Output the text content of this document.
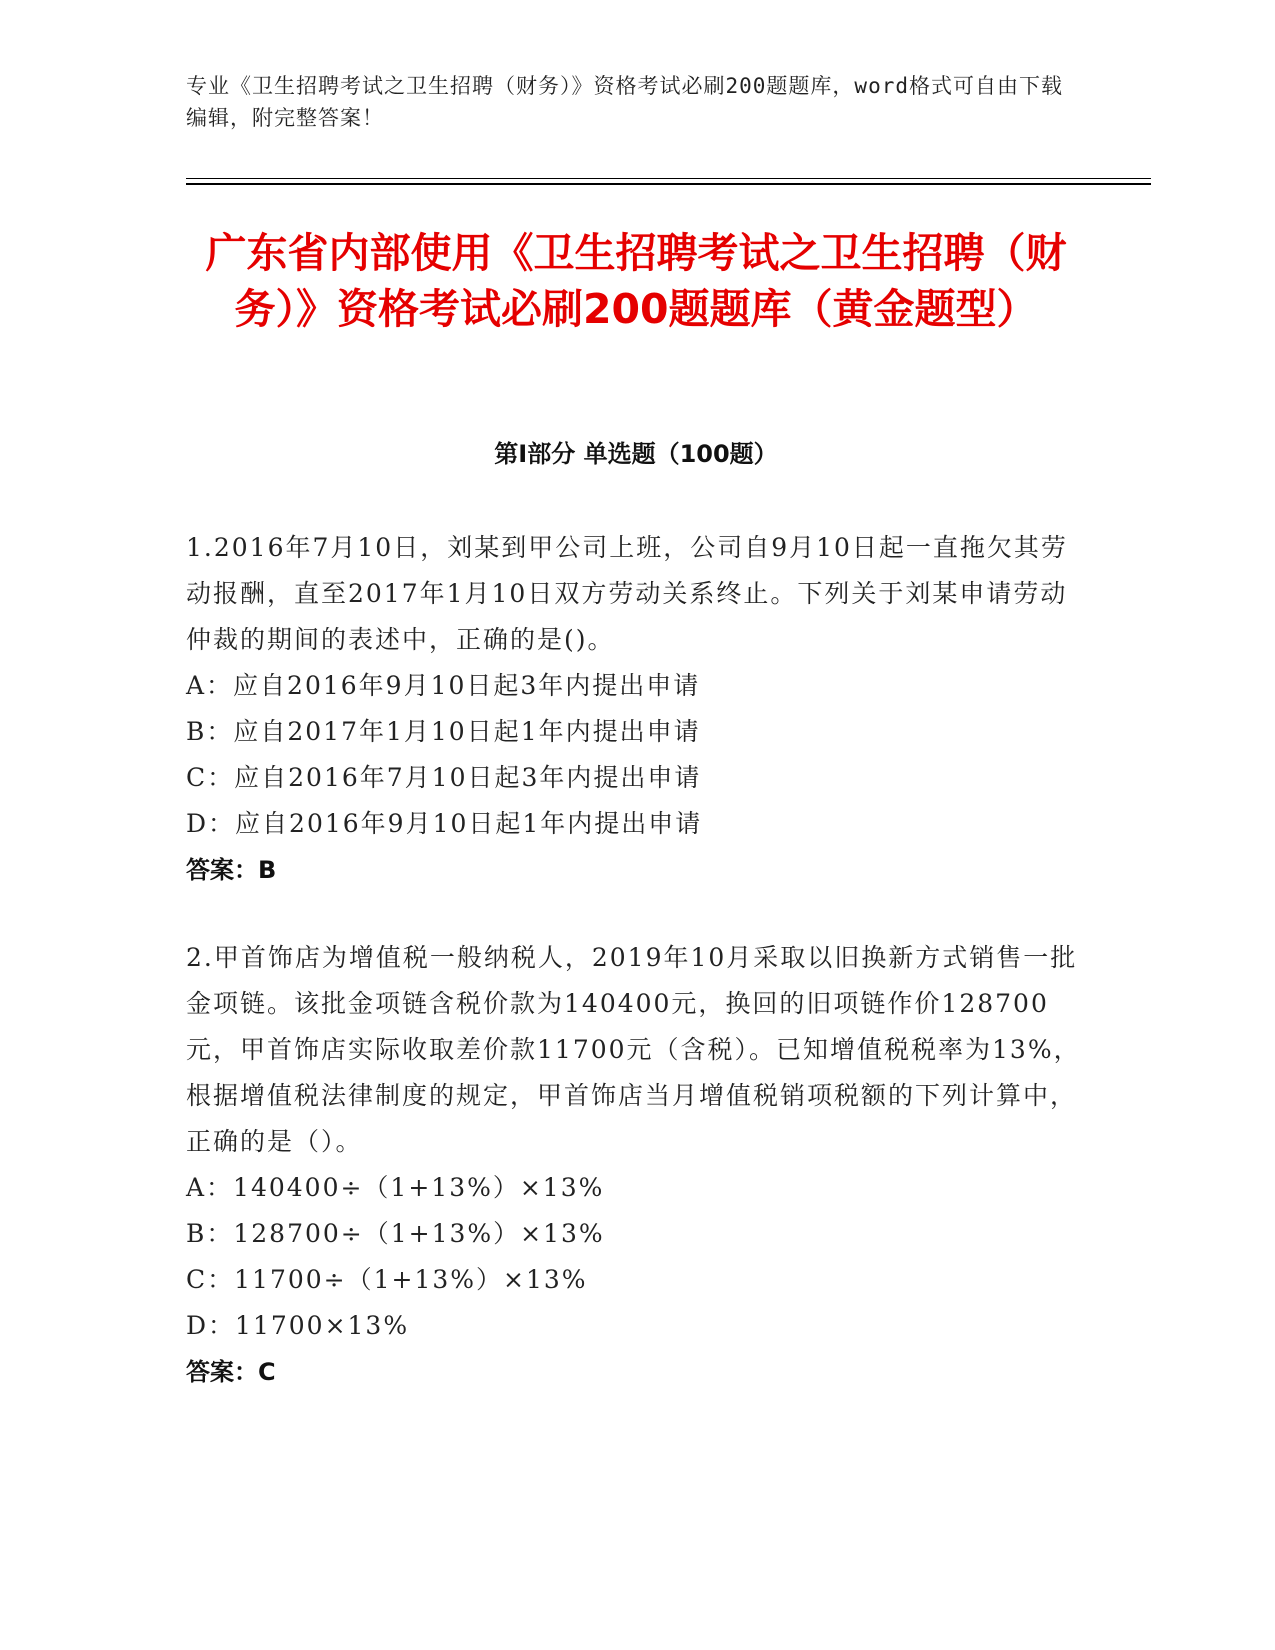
专业《卫生招聘考试之卫生招聘（财务）》资格考试必刷200题题库，word格式可自由下载编辑，附完整答案！
广东省内部使用《卫生招聘考试之卫生招聘（财务）》资格考试必刷200题题库（黄金题型）
第Ⅰ部分 单选题（100题）
1.2016年7月10日，刘某到甲公司上班，公司自9月10日起一直拖欠其劳动报酬，直至2017年1月10日双方劳动关系终止。下列关于刘某申请劳动仲裁的期间的表述中，正确的是()。
A：应自2016年9月10日起3年内提出申请
B：应自2017年1月10日起1年内提出申请
C：应自2016年7月10日起3年内提出申请
D：应自2016年9月10日起1年内提出申请
答案：B
2.甲首饰店为增值税一般纳税人，2019年10月采取以旧换新方式销售一批金项链。该批金项链含税价款为140400元，换回的旧项链作价128700元，甲首饰店实际收取差价款11700元（含税）。已知增值税税率为13%，根据增值税法律制度的规定，甲首饰店当月增值税销项税额的下列计算中，正确的是（）。
A：140400÷（1+13%）×13%
B：128700÷（1+13%）×13%
C：11700÷（1+13%）×13%
D：11700×13%
答案：C
